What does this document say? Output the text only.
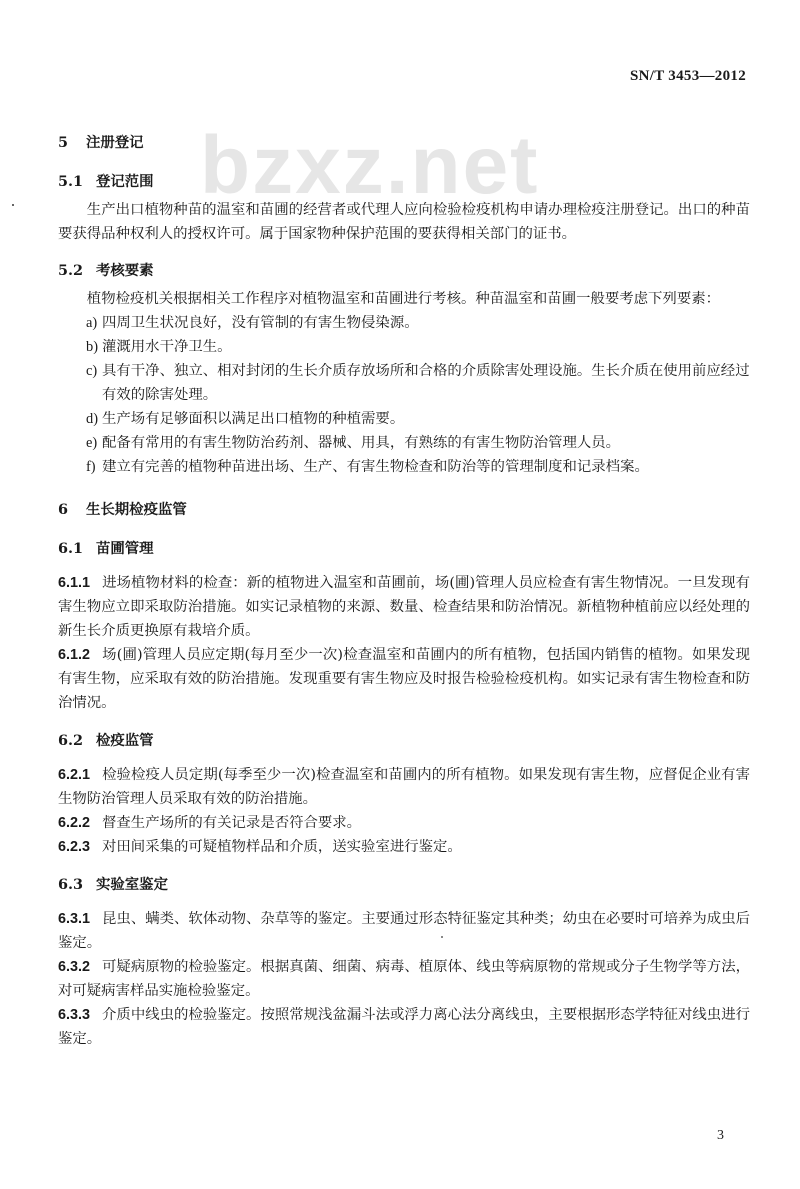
SN/T 3453—2012
bzxz.net

5 注册登记

5.1 登记范围

生产出口植物种苗的温室和苗圃的经营者或代理人应向检验检疫机构申请办理检疫注册登记。出口的种苗要获得品种权利人的授权许可。属于国家物种保护范围的要获得相关部门的证书。

5.2 考核要素

植物检疫机关根据相关工作程序对植物温室和苗圃进行考核。种苗温室和苗圃一般要考虑下列要素：

a) 四周卫生状况良好，没有管制的有害生物侵染源。
b) 灌溉用水干净卫生。
c) 具有干净、独立、相对封闭的生长介质存放场所和合格的介质除害处理设施。生长介质在使用前应经过有效的除害处理。
d) 生产场有足够面积以满足出口植物的种植需要。
e) 配备有常用的有害生物防治药剂、器械、用具，有熟练的有害生物防治管理人员。
f) 建立有完善的植物种苗进出场、生产、有害生物检查和防治等的管理制度和记录档案。

6 生长期检疫监管

6.1 苗圃管理

6.1.1 进场植物材料的检查：新的植物进入温室和苗圃前，场(圃)管理人员应检查有害生物情况。一旦发现有害生物应立即采取防治措施。如实记录植物的来源、数量、检查结果和防治情况。新植物种植前应以经处理的新生长介质更换原有栽培介质。

6.1.2 场(圃)管理人员应定期(每月至少一次)检查温室和苗圃内的所有植物，包括国内销售的植物。如果发现有害生物，应采取有效的防治措施。发现重要有害生物应及时报告检验检疫机构。如实记录有害生物检查和防治情况。

6.2 检疫监管

6.2.1 检验检疫人员定期(每季至少一次)检查温室和苗圃内的所有植物。如果发现有害生物，应督促企业有害生物防治管理人员采取有效的防治措施。

6.2.2 督查生产场所的有关记录是否符合要求。

6.2.3 对田间采集的可疑植物样品和介质，送实验室进行鉴定。

6.3 实验室鉴定

6.3.1 昆虫、螨类、软体动物、杂草等的鉴定。主要通过形态特征鉴定其种类；幼虫在必要时可培养为成虫后鉴定。

6.3.2 可疑病原物的检验鉴定。根据真菌、细菌、病毒、植原体、线虫等病原物的常规或分子生物学等方法，对可疑病害样品实施检验鉴定。

6.3.3 介质中线虫的检验鉴定。按照常规浅盆漏斗法或浮力离心法分离线虫，主要根据形态学特征对线虫进行鉴定。

3
